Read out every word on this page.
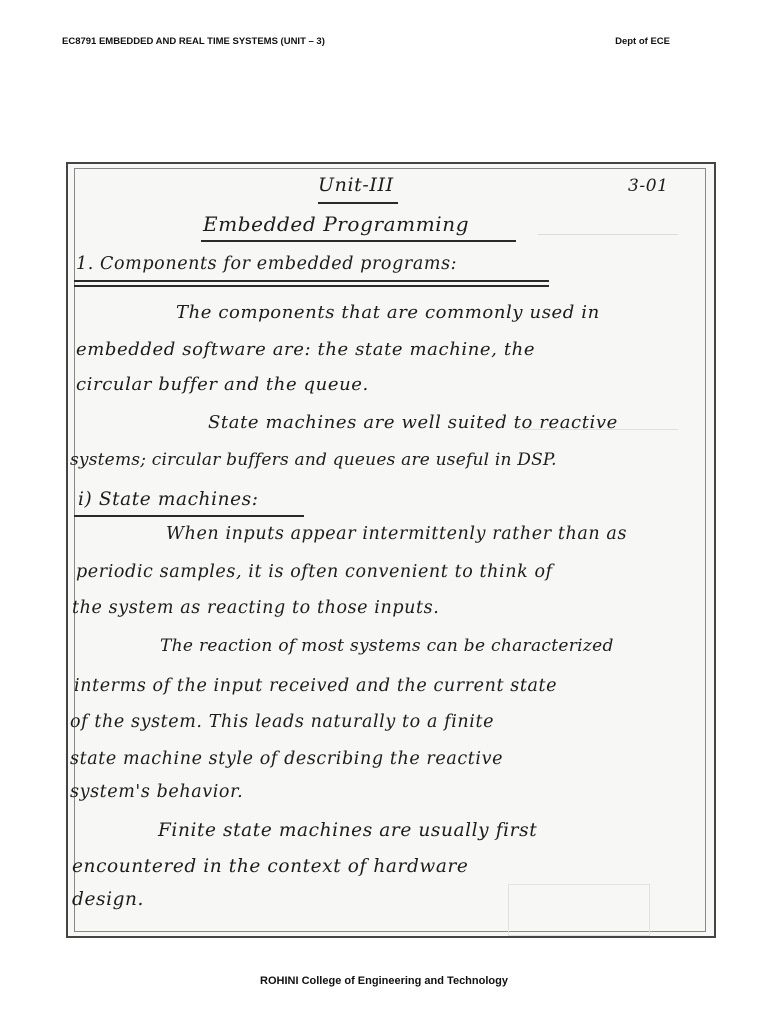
EC8791 EMBEDDED AND REAL TIME SYSTEMS (UNIT – 3)	Dept of ECE
Unit-III	3-01
Embedded Programming
1. Components for embedded programs:
The components that are commonly used in
embedded software are: the state machine, the
circular buffer and the queue.
State machines are well suited to reactive
systems; circular buffers and queues are useful in DSP.
i) State machines:
When inputs appear intermittenly rather than as
periodic samples, it is often convenient to think of
the system as reacting to those inputs.
The reaction of most systems can be characterized
interms of the input received and the current state
of the system. This leads naturally to a finite
state machine style of describing the reactive
system's behavior.
Finite state machines are usually first
encountered in the context of hardware
design.
ROHINI College of Engineering and Technology
